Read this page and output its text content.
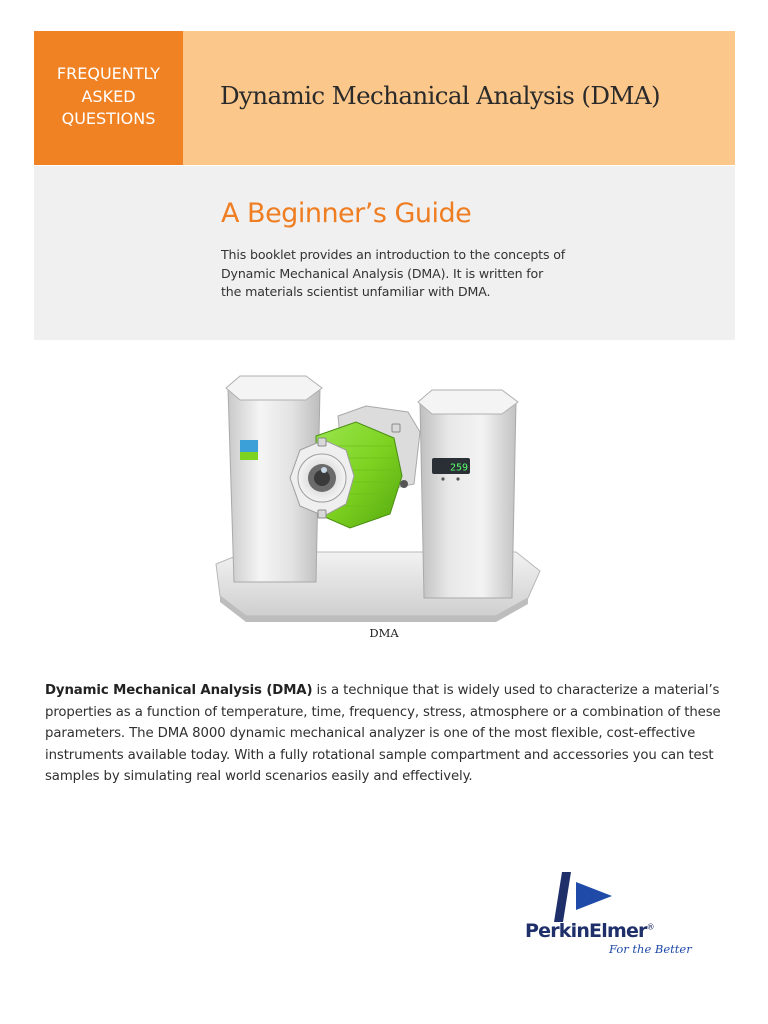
FREQUENTLY
ASKED
QUESTIONS
Dynamic Mechanical Analysis (DMA)
A Beginner’s Guide
This booklet provides an introduction to the concepts of Dynamic Mechanical Analysis (DMA). It is written for the materials scientist unfamiliar with DMA.
259
DMA
Dynamic Mechanical Analysis (DMA) is a technique that is widely used to characterize a material’s properties as a function of temperature, time, frequency, stress, atmosphere or a combination of these parameters. The DMA 8000 dynamic mechanical analyzer is one of the most flexible, cost-effective instruments available today. With a fully rotational sample compartment and accessories you can test samples by simulating real world scenarios easily and effectively.
PerkinElmer®
For the Better
